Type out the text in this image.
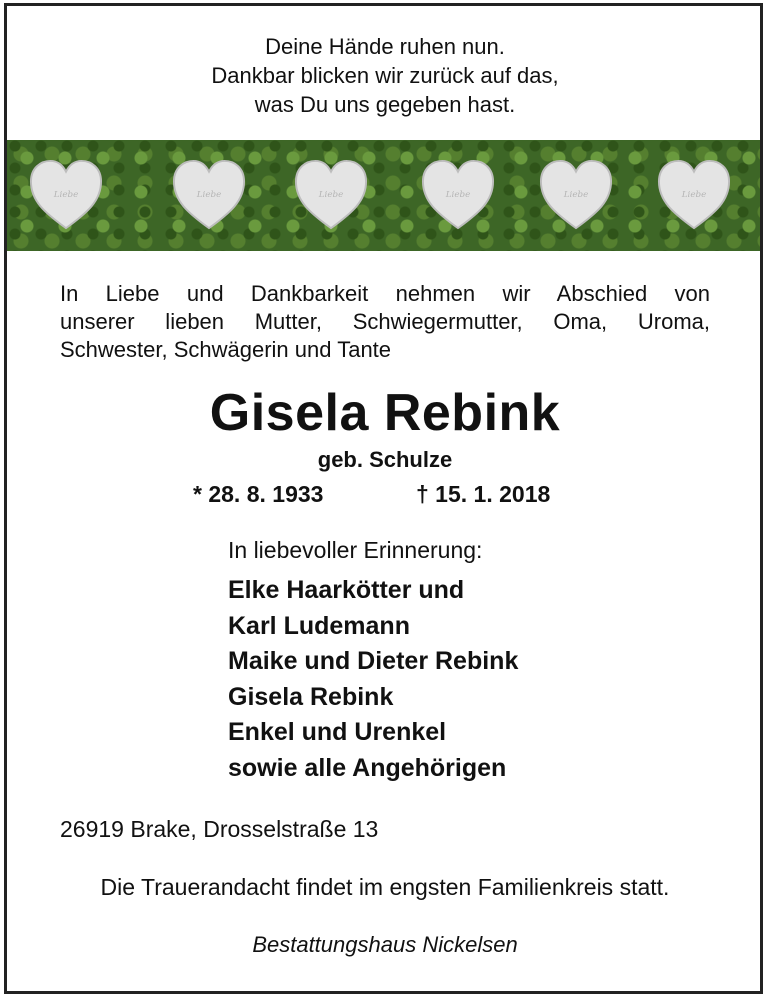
Deine Hände ruhen nun.
Dankbar blicken wir zurück auf das,
was Du uns gegeben hast.
Liebe	Liebe	Liebe	Liebe	Liebe	Liebe
In Liebe und Dankbarkeit nehmen wir Abschied von
unserer lieben Mutter, Schwiegermutter, Oma, Uroma,
Schwester, Schwägerin und Tante
Gisela Rebink
geb. Schulze
* 28. 8. 1933	† 15. 1. 2018
In liebevoller Erinnerung:
Elke Haarkötter und
Karl Ludemann
Maike und Dieter Rebink
Gisela Rebink
Enkel und Urenkel
sowie alle Angehörigen
26919 Brake, Drosselstraße 13
Die Trauerandacht findet im engsten Familienkreis statt.
Bestattungshaus Nickelsen
